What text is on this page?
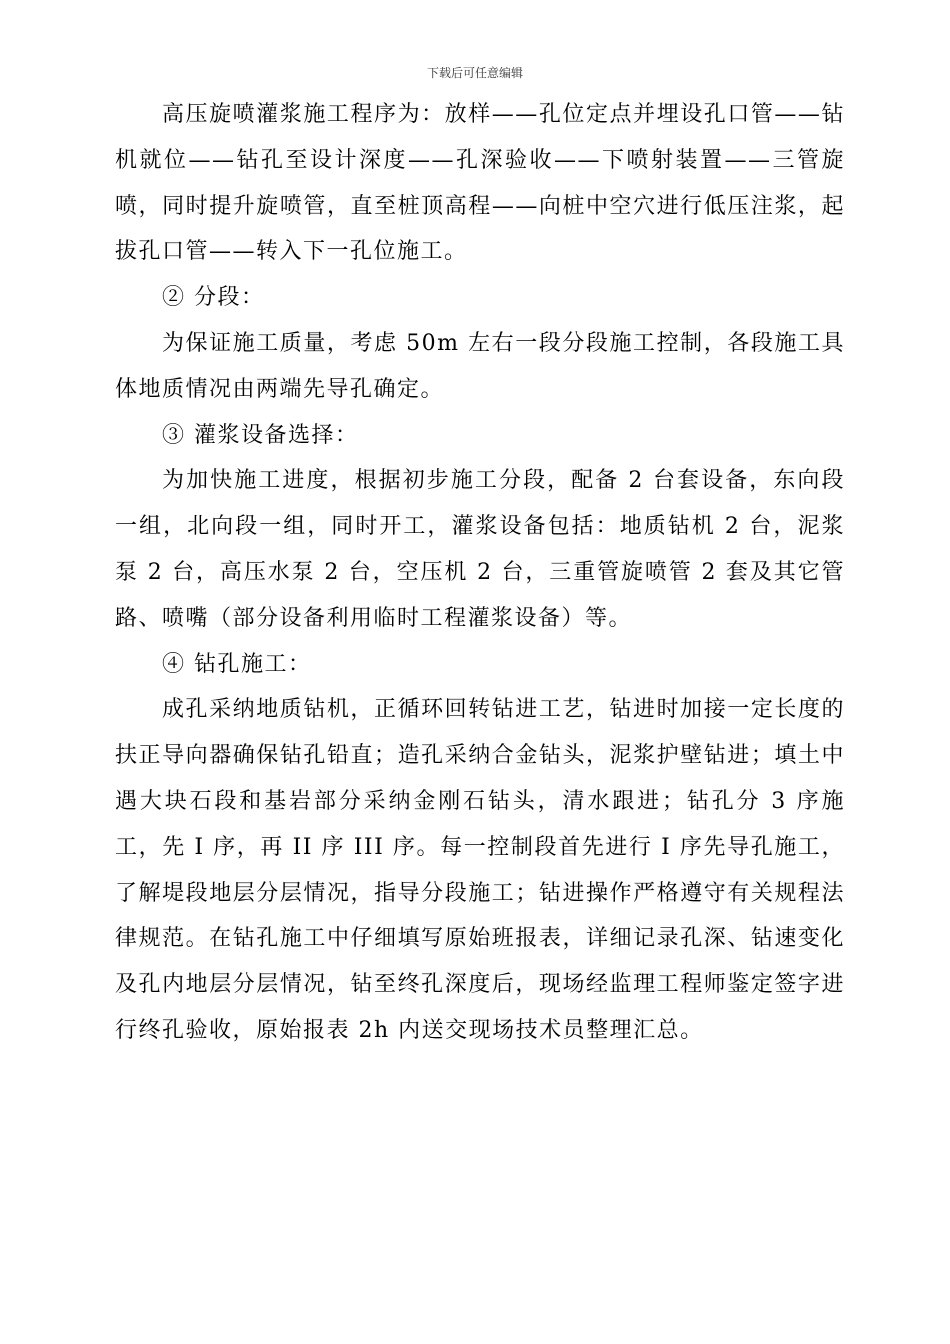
下载后可任意编辑

高压旋喷灌浆施工程序为：放样——孔位定点并埋设孔口管——钻机就位——钻孔至设计深度——孔深验收——下喷射装置——三管旋喷，同时提升旋喷管，直至桩顶高程——向桩中空穴进行低压注浆，起拔孔口管——转入下一孔位施工。

② 分段：

为保证施工质量，考虑 50m 左右一段分段施工控制，各段施工具体地质情况由两端先导孔确定。

③ 灌浆设备选择：

为加快施工进度，根据初步施工分段，配备 2 台套设备，东向段一组，北向段一组，同时开工，灌浆设备包括：地质钻机 2 台，泥浆泵 2 台，高压水泵 2 台，空压机 2 台，三重管旋喷管 2 套及其它管路、喷嘴（部分设备利用临时工程灌浆设备）等。

④ 钻孔施工：

成孔采纳地质钻机，正循环回转钻进工艺，钻进时加接一定长度的扶正导向器确保钻孔铅直；造孔采纳合金钻头，泥浆护壁钻进；填土中遇大块石段和基岩部分采纳金刚石钻头，清水跟进；钻孔分 3 序施工，先 I 序，再 II 序 III 序。每一控制段首先进行 I 序先导孔施工，了解堤段地层分层情况，指导分段施工；钻进操作严格遵守有关规程法律规范。在钻孔施工中仔细填写原始班报表，详细记录孔深、钻速变化及孔内地层分层情况，钻至终孔深度后，现场经监理工程师鉴定签字进行终孔验收，原始报表 2h 内送交现场技术员整理汇总。
